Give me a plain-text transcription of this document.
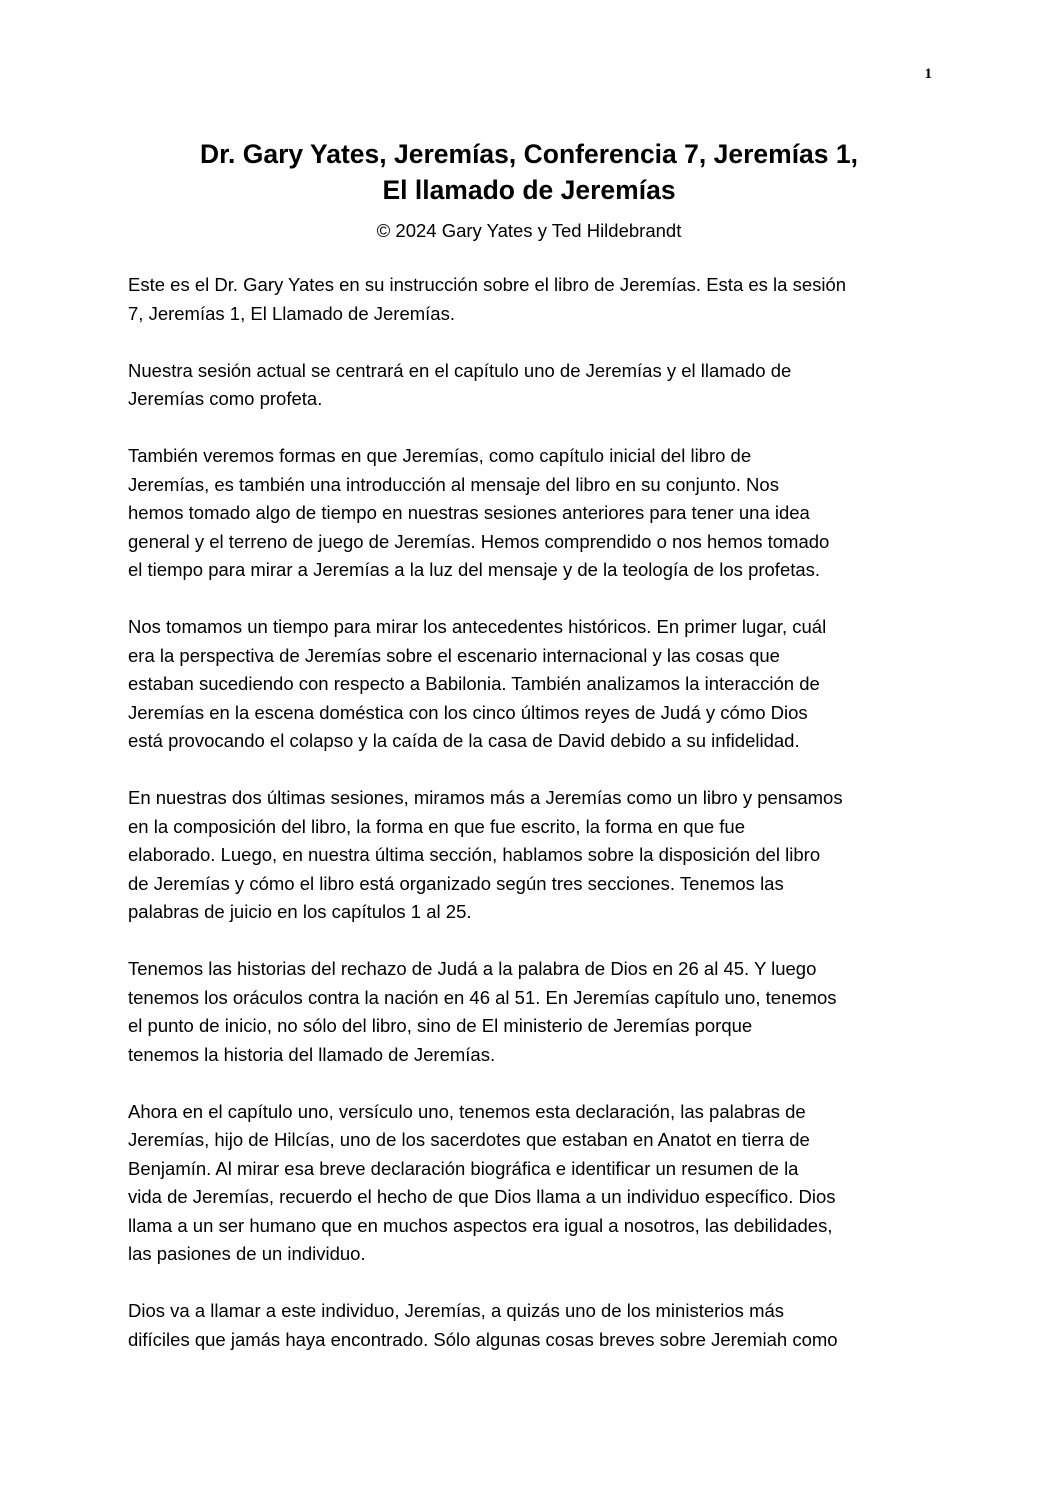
1
Dr. Gary Yates, Jeremías, Conferencia 7, Jeremías 1,
El llamado de Jeremías

© 2024 Gary Yates y Ted Hildebrandt

Este es el Dr. Gary Yates en su instrucción sobre el libro de Jeremías. Esta es la sesión
7, Jeremías 1, El Llamado de Jeremías.

Nuestra sesión actual se centrará en el capítulo uno de Jeremías y el llamado de
Jeremías como profeta.

También veremos formas en que Jeremías, como capítulo inicial del libro de
Jeremías, es también una introducción al mensaje del libro en su conjunto. Nos
hemos tomado algo de tiempo en nuestras sesiones anteriores para tener una idea
general y el terreno de juego de Jeremías. Hemos comprendido o nos hemos tomado
el tiempo para mirar a Jeremías a la luz del mensaje y de la teología de los profetas.

Nos tomamos un tiempo para mirar los antecedentes históricos. En primer lugar, cuál
era la perspectiva de Jeremías sobre el escenario internacional y las cosas que
estaban sucediendo con respecto a Babilonia. También analizamos la interacción de
Jeremías en la escena doméstica con los cinco últimos reyes de Judá y cómo Dios
está provocando el colapso y la caída de la casa de David debido a su infidelidad.

En nuestras dos últimas sesiones, miramos más a Jeremías como un libro y pensamos
en la composición del libro, la forma en que fue escrito, la forma en que fue
elaborado. Luego, en nuestra última sección, hablamos sobre la disposición del libro
de Jeremías y cómo el libro está organizado según tres secciones. Tenemos las
palabras de juicio en los capítulos 1 al 25.

Tenemos las historias del rechazo de Judá a la palabra de Dios en 26 al 45. Y luego
tenemos los oráculos contra la nación en 46 al 51. En Jeremías capítulo uno, tenemos
el punto de inicio, no sólo del libro, sino de El ministerio de Jeremías porque
tenemos la historia del llamado de Jeremías.

Ahora en el capítulo uno, versículo uno, tenemos esta declaración, las palabras de
Jeremías, hijo de Hilcías, uno de los sacerdotes que estaban en Anatot en tierra de
Benjamín. Al mirar esa breve declaración biográfica e identificar un resumen de la
vida de Jeremías, recuerdo el hecho de que Dios llama a un individuo específico. Dios
llama a un ser humano que en muchos aspectos era igual a nosotros, las debilidades,
las pasiones de un individuo.

Dios va a llamar a este individuo, Jeremías, a quizás uno de los ministerios más
difíciles que jamás haya encontrado. Sólo algunas cosas breves sobre Jeremiah como
